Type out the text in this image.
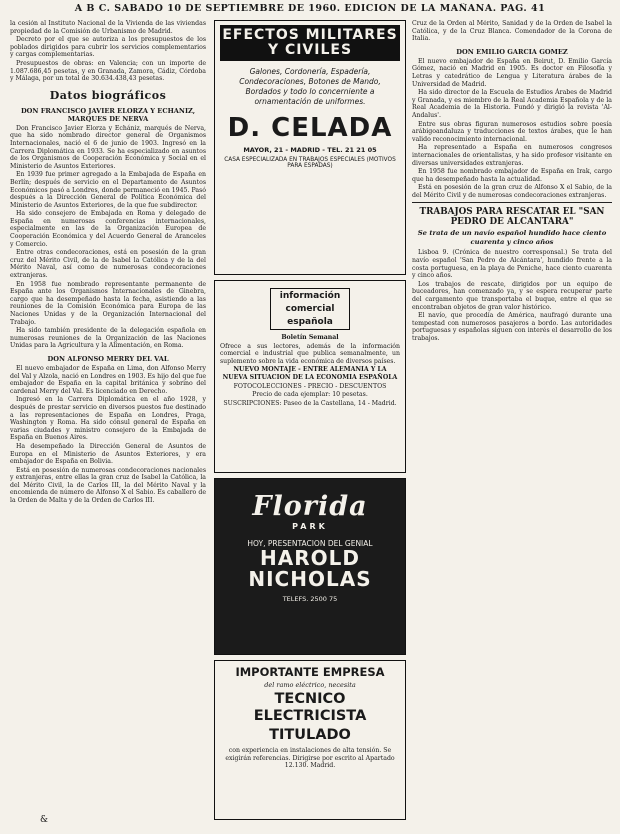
A B C. SABADO 10 DE SEPTIEMBRE DE 1960. EDICION DE LA MAÑANA. PAG. 41

la cesión al Instituto Nacional de la Vivienda de las viviendas propiedad de la Comisión de Urbanismo de Madrid.

Decreto por el que se autoriza a los presupuestos de los poblados dirigidos para cubrir los servicios complementarios y cargas complementarias.

Presupuestos de obras: en Valencia; con un importe de 1.087.686,45 pesetas, y en Granada, Zamora, Cádiz, Córdoba y Málaga, por un total de 30.634.438,43 pesetas.

Datos biográficos
DON FRANCISCO JAVIER ELORZA Y ECHANIZ, MARQUES DE NERVA

Don Francisco Javier Elorza y Echániz, marqués de Nerva, que ha sido nombrado director general de Organismos Internacionales, nació el 6 de junio de 1903. Ingresó en la Carrera Diplomática en 1933. Se ha especializado en asuntos de los Organismos de Cooperación Económica y Social en el Ministerio de Asuntos Exteriores.

En 1939 fue primer agregado a la Embajada de España en Berlín; después de servicio en el Departamento de Asuntos Económicos pasó a Londres, donde permaneció en 1945. Pasó después a la Dirección General de Política Económica del Ministerio de Asuntos Exteriores, de la que fue subdirector.

Ha sido consejero de Embajada en Roma y delegado de España en numerosas conferencias internacionales, especialmente en las de la Organización Europea de Cooperación Económica y del Acuerdo General de Aranceles y Comercio.

Entre otras condecoraciones, está en posesión de la gran cruz del Mérito Civil, de la de Isabel la Católica y de la del Mérito Naval, así como de numerosas condecoraciones extranjeras.

En 1958 fue nombrado representante permanente de España ante los Organismos Internacionales de Ginebra, cargo que ha desempeñado hasta la fecha, asistiendo a las reuniones de la Comisión Económica para Europa de las Naciones Unidas y de la Organización Internacional del Trabajo.

Ha sido también presidente de la delegación española en numerosas reuniones de la Organización de las Naciones Unidas para la Agricultura y la Alimentación, en Roma.

DON ALFONSO MERRY DEL VAL

El nuevo embajador de España en Lima, don Alfonso Merry del Val y Alzola, nació en Londres en 1903. Es hijo del que fue embajador de España en la capital británica y sobrino del cardenal Merry del Val. Es licenciado en Derecho.

Ingresó en la Carrera Diplomática en el año 1928, y después de prestar servicio en diversos puestos fue destinado a las representaciones de España en Londres, Praga, Washington y Roma. Ha sido cónsul general de España en varias ciudades y ministro consejero de la Embajada de España en Buenos Aires.

Ha desempeñado la Dirección General de Asuntos de Europa en el Ministerio de Asuntos Exteriores, y era embajador de España en Bolivia.

Está en posesión de numerosas condecoraciones nacionales y extranjeras, entre ellas la gran cruz de Isabel la Católica, la del Mérito Civil, la de Carlos III, la del Mérito Naval y la encomienda de número de Alfonso X el Sabio. Es caballero de la Orden de Malta y de la Orden de Carlos III.

EFECTOS MILITARES Y CIVILES
Galones, Cordonería, Espadería, Condecoraciones, Botones de Mando, Bordados y todo lo concerniente a ornamentación de uniformes.
D. CELADA
MAYOR, 21 - MADRID - TEL. 21 21 05
CASA ESPECIALIZADA EN TRABAJOS ESPECIALES (MOTIVOS PARA ESPADAS)
información comercial española
Boletín Semanal

Ofrece a sus lectores, además de la información comercial e industrial que publica semanalmente, un suplemento sobre la vida económica de diversos países.

NUEVO MONTAJE - ENTRE ALEMANIA Y LA NUEVA SITUACION DE LA ECONOMIA ESPAÑOLA

FOTOCOLECCIONES - PRECIO - DESCUENTOS

Precio de cada ejemplar: 10 pesetas.

SUSCRIPCIONES: Paseo de la Castellana, 14 - Madrid.

Florida
PARK
HOY, PRESENTACION DEL GENIAL
HAROLD
NICHOLAS
TELEFS. 2500 75
IMPORTANTE EMPRESA
del ramo eléctrico, necesita
TECNICO ELECTRICISTA
TITULADO
con experiencia en instalaciones de alta tensión. Se exigirán referencias. Dirigirse por escrito al Apartado 12.130. Madrid.

Cruz de la Orden al Mérito, Sanidad y de la Orden de Isabel la Católica, y de la Cruz Blanca. Comendador de la Corona de Italia.

DON EMILIO GARCIA GOMEZ

El nuevo embajador de España en Beirut, D. Emilio García Gómez, nació en Madrid en 1905. Es doctor en Filosofía y Letras y catedrático de Lengua y Literatura árabes de la Universidad de Madrid.

Ha sido director de la Escuela de Estudios Árabes de Madrid y Granada, y es miembro de la Real Academia Española y de la Real Academia de la Historia. Fundó y dirigió la revista 'Al-Andalus'.

Entre sus obras figuran numerosos estudios sobre poesía arábigoandaluza y traducciones de textos árabes, que le han valido reconocimiento internacional.

Ha representado a España en numerosos congresos internacionales de orientalistas, y ha sido profesor visitante en diversas universidades extranjeras.

En 1958 fue nombrado embajador de España en Irak, cargo que ha desempeñado hasta la actualidad.

Está en posesión de la gran cruz de Alfonso X el Sabio, de la del Mérito Civil y de numerosas condecoraciones extranjeras.

TRABAJOS PARA RESCATAR EL "SAN PEDRO DE ALCANTARA"
Se trata de un navío español hundido hace ciento cuarenta y cinco años

Lisboa 9. (Crónica de nuestro corresponsal.) Se trata del navío español 'San Pedro de Alcántara', hundido frente a la costa portuguesa, en la playa de Peniche, hace ciento cuarenta y cinco años.

Los trabajos de rescate, dirigidos por un equipo de buceadores, han comenzado ya, y se espera recuperar parte del cargamento que transportaba el buque, entre el que se encontraban objetos de gran valor histórico.

El navío, que procedía de América, naufragó durante una tempestad con numerosos pasajeros a bordo. Las autoridades portuguesas y españolas siguen con interés el desarrollo de los trabajos.

&
